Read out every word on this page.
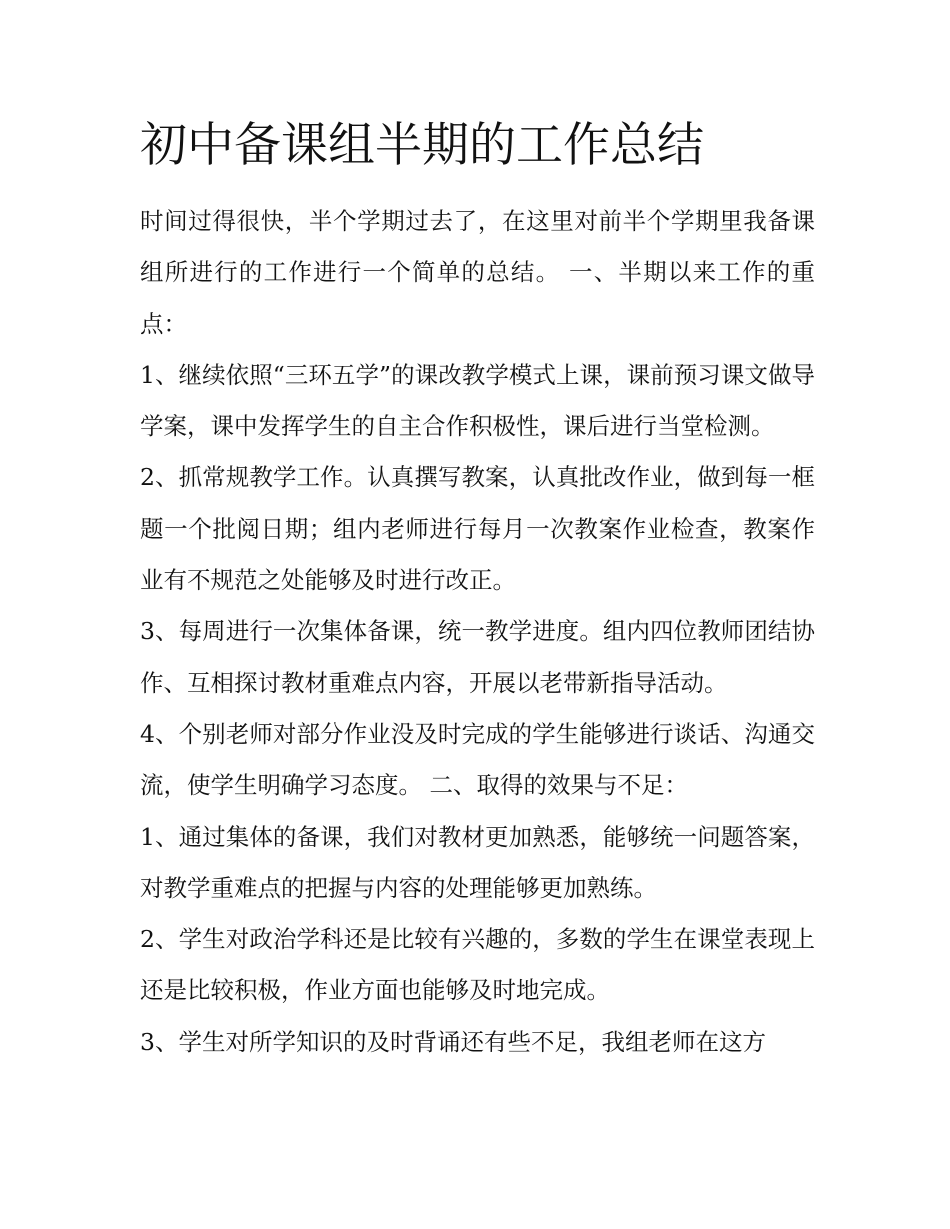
初中备课组半期的工作总结

时间过得很快，半个学期过去了，在这里对前半个学期里我备课组所进行的工作进行一个简单的总结。 一、半期以来工作的重点：

1、继续依照“三环五学”的课改教学模式上课，课前预习课文做导学案，课中发挥学生的自主合作积极性，课后进行当堂检测。

2、抓常规教学工作。认真撰写教案，认真批改作业，做到每一框题一个批阅日期；组内老师进行每月一次教案作业检查，教案作业有不规范之处能够及时进行改正。

3、每周进行一次集体备课，统一教学进度。组内四位教师团结协作、互相探讨教材重难点内容，开展以老带新指导活动。

4、个别老师对部分作业没及时完成的学生能够进行谈话、沟通交流，使学生明确学习态度。 二、取得的效果与不足：

1、通过集体的备课，我们对教材更加熟悉，能够统一问题答案，对教学重难点的把握与内容的处理能够更加熟练。

2、学生对政治学科还是比较有兴趣的，多数的学生在课堂表现上还是比较积极，作业方面也能够及时地完成。

3、学生对所学知识的及时背诵还有些不足，我组老师在这方
